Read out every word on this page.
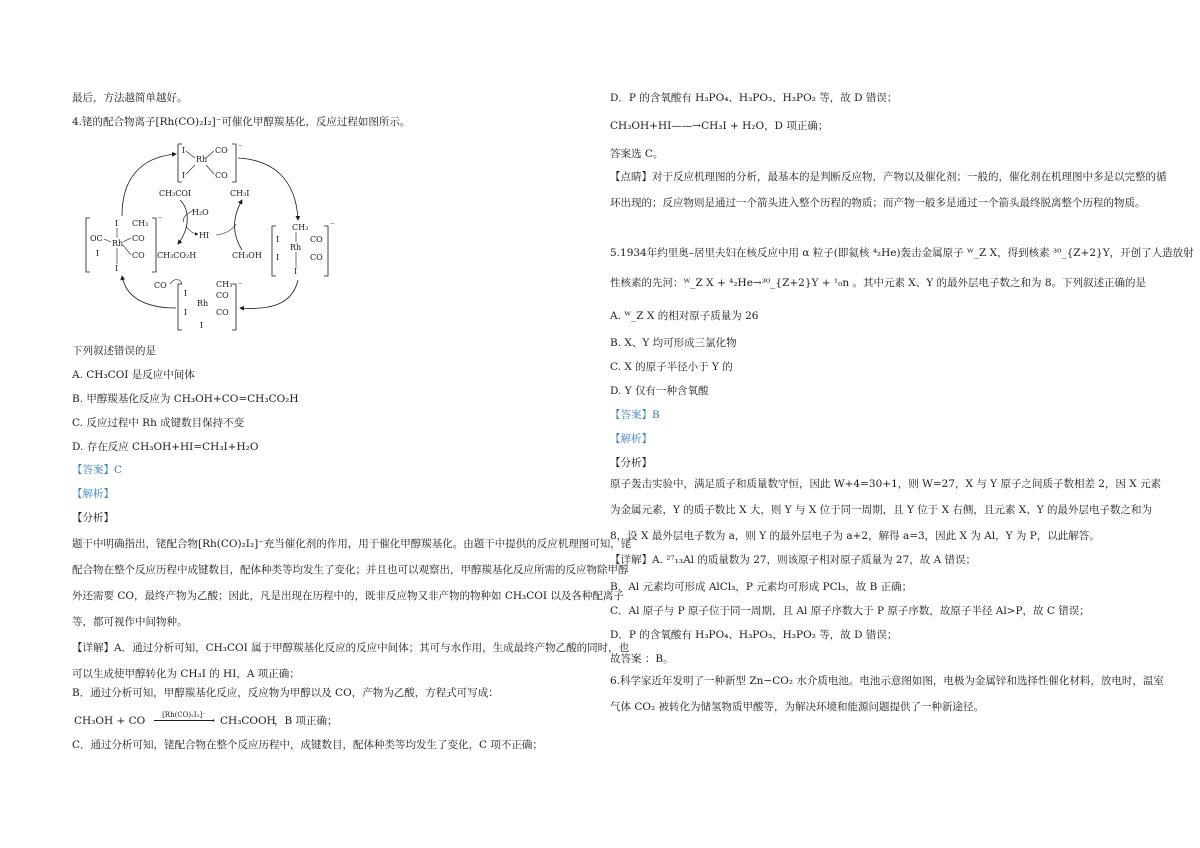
最后，方法越简单越好。
4.铑的配合物离子[Rh(CO)₂I₂]⁻可催化甲醇羰基化，反应过程如图所示。
I
Rh
CO
I	CO
⁻
I CH₃
OC
Rh
CO
I	CO
I
⁻
CH₃
I
Rh
CO
I	CO
I
⁻
CH₃
I
Rh
CO
I	CO
I
⁻
CH₃COI	CH₃I
H₂O
HI
CH₃CO₂H	CH₃OH
CO
下列叙述错误的是
A. CH₃COI 是反应中间体
B. 甲醇羰基化反应为 CH₃OH+CO=CH₃CO₂H
C. 反应过程中 Rh 成键数目保持不变
D. 存在反应 CH₃OH+HI=CH₃I+H₂O
【答案】C
【解析】
【分析】
题干中明确指出，铑配合物[Rh(CO)₂I₂]⁻充当催化剂的作用，用于催化甲醇羰基化。由题干中提供的反应机理图可知，铑配合物在整个反应历程中成键数目，配体种类等均发生了变化；并且也可以观察出，甲醇羰基化反应所需的反应物除甲醇外还需要 CO，最终产物为乙酸；因此，凡是出现在历程中的，既非反应物又非产物的物种如 CH₃COI 以及各种配离子等，都可视作中间物种。
【详解】A．通过分析可知，CH₃COI 属于甲醇羰基化反应的反应中间体；其可与水作用，生成最终产物乙酸的同时，也可以生成使甲醇转化为 CH₃I 的 HI，A 项正确；
B．通过分析可知，甲醇羰基化反应，反应物为甲醇以及 CO，产物为乙酸，方程式可写成：
CH₃OH + CO	[Rh(CO)₂I₂]⁻
› CH₃COOH
，B 项正确；
C．通过分析可知，铑配合物在整个反应历程中，成键数目，配体种类等均发生了变化，C 项不正确；
D．P 的含氧酸有 H₃PO₄、H₃PO₃、H₃PO₂ 等，故 D 错误；
CH₃OH+HI——→CH₃I + H₂O，D 项正确；
答案选 C。
【点睛】对于反应机理图的分析，最基本的是判断反应物，产物以及催化剂；一般的，催化剂在机理图中多是以完整的循环出现的；反应物则是通过一个箭头进入整个历程的物质；而产物一般多是通过一个箭头最终脱离整个历程的物质。
5.1934年约里奥–居里夫妇在核反应中用 α 粒子(即氦核 ⁴₂He)轰击金属原子 ᵂ_Z X，得到核素 ³⁰_{Z+2}Y，开创了人造放射
性核素的先河：ᵂ_Z X + ⁴₂He→³⁰_{Z+2}Y + ¹₀n 。其中元素 X、Y 的最外层电子数之和为 8。下列叙述正确的是
A. ᵂ_Z X 的相对原子质量为 26
B. X、Y 均可形成三氯化物
C. X 的原子半径小于 Y 的
D. Y 仅有一种含氧酸
【答案】B
【解析】
【分析】
原子轰击实验中，满足质子和质量数守恒，因此 W+4=30+1，则 W=27，X 与 Y 原子之间质子数相差 2，因 X 元素为金属元素，Y 的质子数比 X 大，则 Y 与 X 位于同一周期，且 Y 位于 X 右侧，且元素 X、Y 的最外层电子数之和为 8，设 X 最外层电子数为 a，则 Y 的最外层电子为 a+2，解得 a=3，因此 X 为 Al，Y 为 P，以此解答。
【详解】A. ²⁷₁₃Al 的质量数为 27，则该原子相对原子质量为 27，故 A 错误；
B．Al 元素均可形成 AlCl₃，P 元素均可形成 PCl₃，故 B 正确；
C．Al 原子与 P 原子位于同一周期，且 Al 原子序数大于 P 原子序数，故原子半径 Al>P，故 C 错误；
D．P 的含氧酸有 H₃PO₄、H₃PO₃、H₃PO₂ 等，故 D 错误；
故答案 ：B。
6.科学家近年发明了一种新型 Zn−CO₂ 水介质电池。电池示意图如图，电极为金属锌和选择性催化材料，放电时，温室气体 CO₂ 被转化为储氢物质甲酸等，为解决环境和能源问题提供了一种新途径。
